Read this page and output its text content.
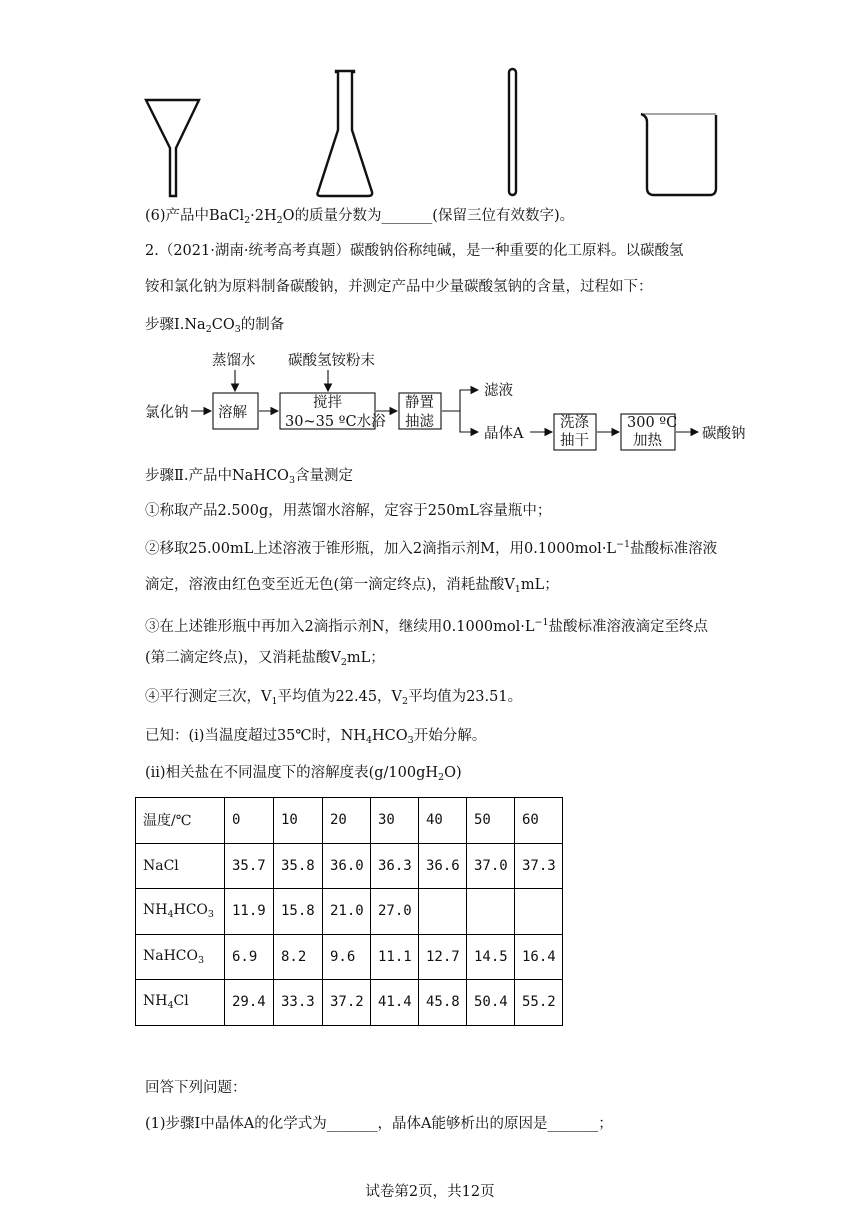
(6)产品中$BaCl_2\cdot 2H_2O$的质量分数为_______(保留三位有效数字)。
2.（2021·湖南·统考高考真题）碳酸钠俗称纯碱，是一种重要的化工原料。以碳酸氢
铵和氯化钠为原料制备碳酸钠，并测定产品中少量碳酸氢钠的含量，过程如下：
步骤$Ⅰ.Na_2CO_3$的制备
氯化钠
蒸馏水 碳酸氢铵粉末
溶解
搅拌
30~35 ºC水浴
静置
抽滤
滤液
晶体A
洗涤
抽干
300 ºC
加热	碳酸钠
步骤Ⅱ.产品中NaHCO$_3$含量测定
①称取产品2.500g，用蒸馏水溶解，定容于250mL容量瓶中；
②移取25.00mL上述溶液于锥形瓶，加入2滴指示剂M，用$0.1000mol\cdot L^{-1}$盐酸标准溶液
滴定，溶液由红色变至近无色(第一滴定终点)，消耗盐酸$V_1mL$；
③在上述锥形瓶中再加入2滴指示剂N，继续用$0.1000mol\cdot L^{-1}$盐酸标准溶液滴定至终点
(第二滴定终点)，又消耗盐酸$V_2mL$；
④平行测定三次，$V_1$平均值为22.45，$V_2$平均值为23.51。
已知：(i)当温度超过35℃时，$NH_4HCO_3$开始分解。
(ii)相关盐在不同温度下的溶解度表$(g/100gH_2O)$
温度/℃	0	10	20	30	40	50	60
NaCl	35.7	35.8	36.0	36.3	36.6	37.0	37.3
$NH_4HCO_3$	11.9	15.8	21.0	27.0			
NaHCO$_3$	6.9	8.2	9.6	11.1	12.7	14.5	16.4
$NH_4Cl$	29.4	33.3	37.2	41.4	45.8	50.4	55.2
回答下列问题：
(1)步骤Ⅰ中晶体A的化学式为_______，晶体A能够析出的原因是_______；
试卷第2页，共12页
